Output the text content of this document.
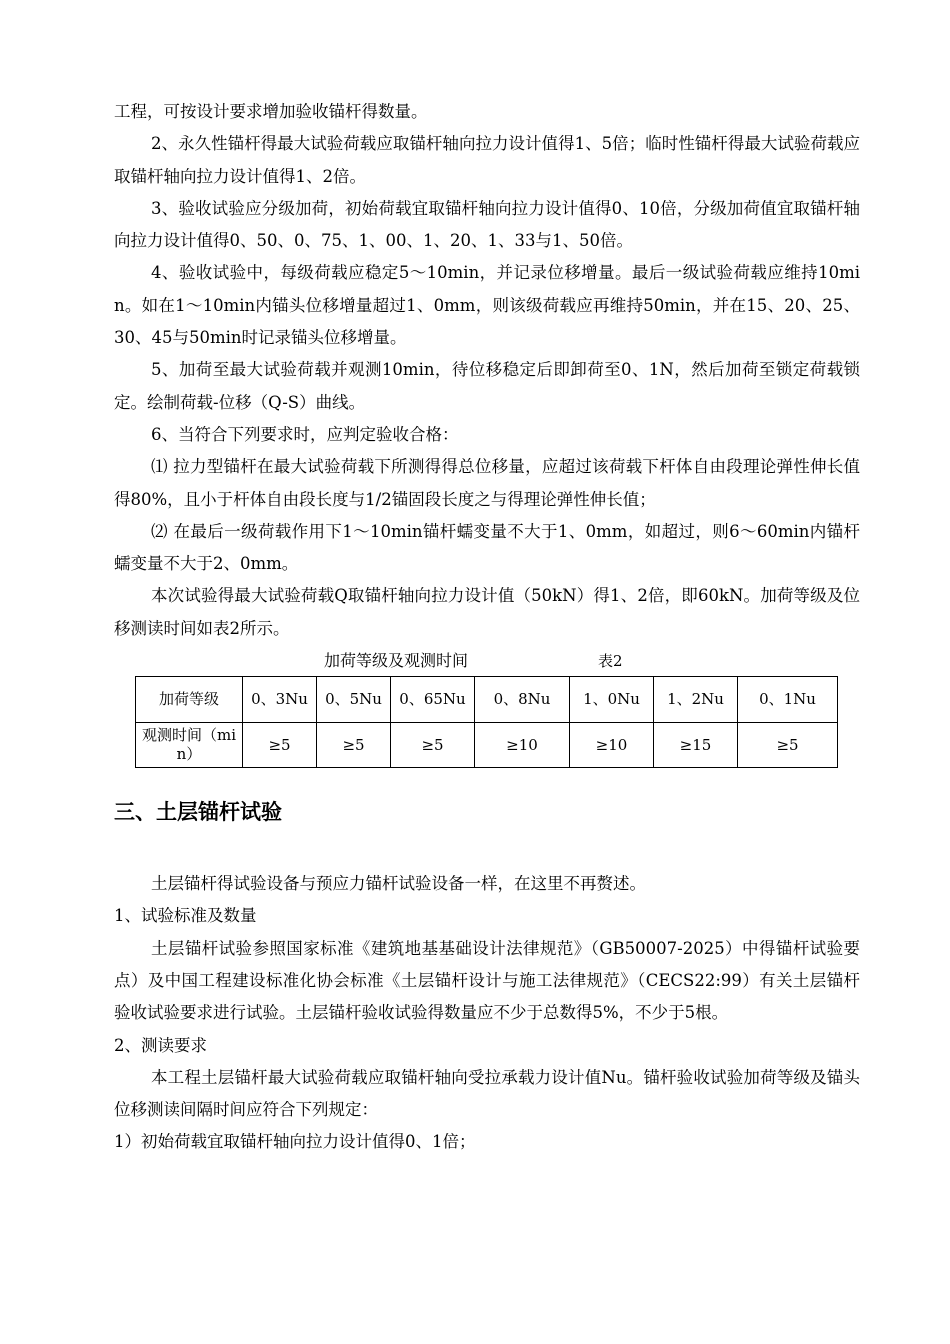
工程，可按设计要求增加验收锚杆得数量。

2、永久性锚杆得最大试验荷载应取锚杆轴向拉力设计值得1、5倍；临时性锚杆得最大试验荷载应取锚杆轴向拉力设计值得1、2倍。

3、验收试验应分级加荷，初始荷载宜取锚杆轴向拉力设计值得0、10倍，分级加荷值宜取锚杆轴向拉力设计值得0、50、0、75、1、00、1、20、1、33与1、50倍。

4、验收试验中，每级荷载应稳定5～10min，并记录位移增量。最后一级试验荷载应维持10min。如在1～10min内锚头位移增量超过1、0mm，则该级荷载应再维持50min，并在15、20、25、30、45与50min时记录锚头位移增量。

5、加荷至最大试验荷载并观测10min，待位移稳定后即卸荷至0、1N，然后加荷至锁定荷载锁定。绘制荷载-位移（Q-S）曲线。

6、当符合下列要求时，应判定验收合格：

⑴ 拉力型锚杆在最大试验荷载下所测得得总位移量，应超过该荷载下杆体自由段理论弹性伸长值得80%，且小于杆体自由段长度与1/2锚固段长度之与得理论弹性伸长值；

⑵ 在最后一级荷载作用下1～10min锚杆蠕变量不大于1、0mm，如超过，则6～60min内锚杆蠕变量不大于2、0mm。

本次试验得最大试验荷载Q取锚杆轴向拉力设计值（50kN）得1、2倍，即60kN。加荷等级及位移测读时间如表2所示。

加荷等级及观测时间	表2
加荷等级	0、3Nu	0、5Nu	0、65Nu	0、8Nu	1、0Nu	1、2Nu	0、1Nu
观测时间（min）	≥5	≥5	≥5	≥10	≥10	≥15	≥5
三、土层锚杆试验

土层锚杆得试验设备与预应力锚杆试验设备一样，在这里不再赘述。

1、试验标准及数量

土层锚杆试验参照国家标准《建筑地基基础设计法律规范》（GB50007-2025）中得锚杆试验要点）及中国工程建设标准化协会标准《土层锚杆设计与施工法律规范》（CECS22:99）有关土层锚杆验收试验要求进行试验。土层锚杆验收试验得数量应不少于总数得5%，不少于5根。

2、测读要求

本工程土层锚杆最大试验荷载应取锚杆轴向受拉承载力设计值Nu。锚杆验收试验加荷等级及锚头位移测读间隔时间应符合下列规定：

1）初始荷载宜取锚杆轴向拉力设计值得0、1倍；
